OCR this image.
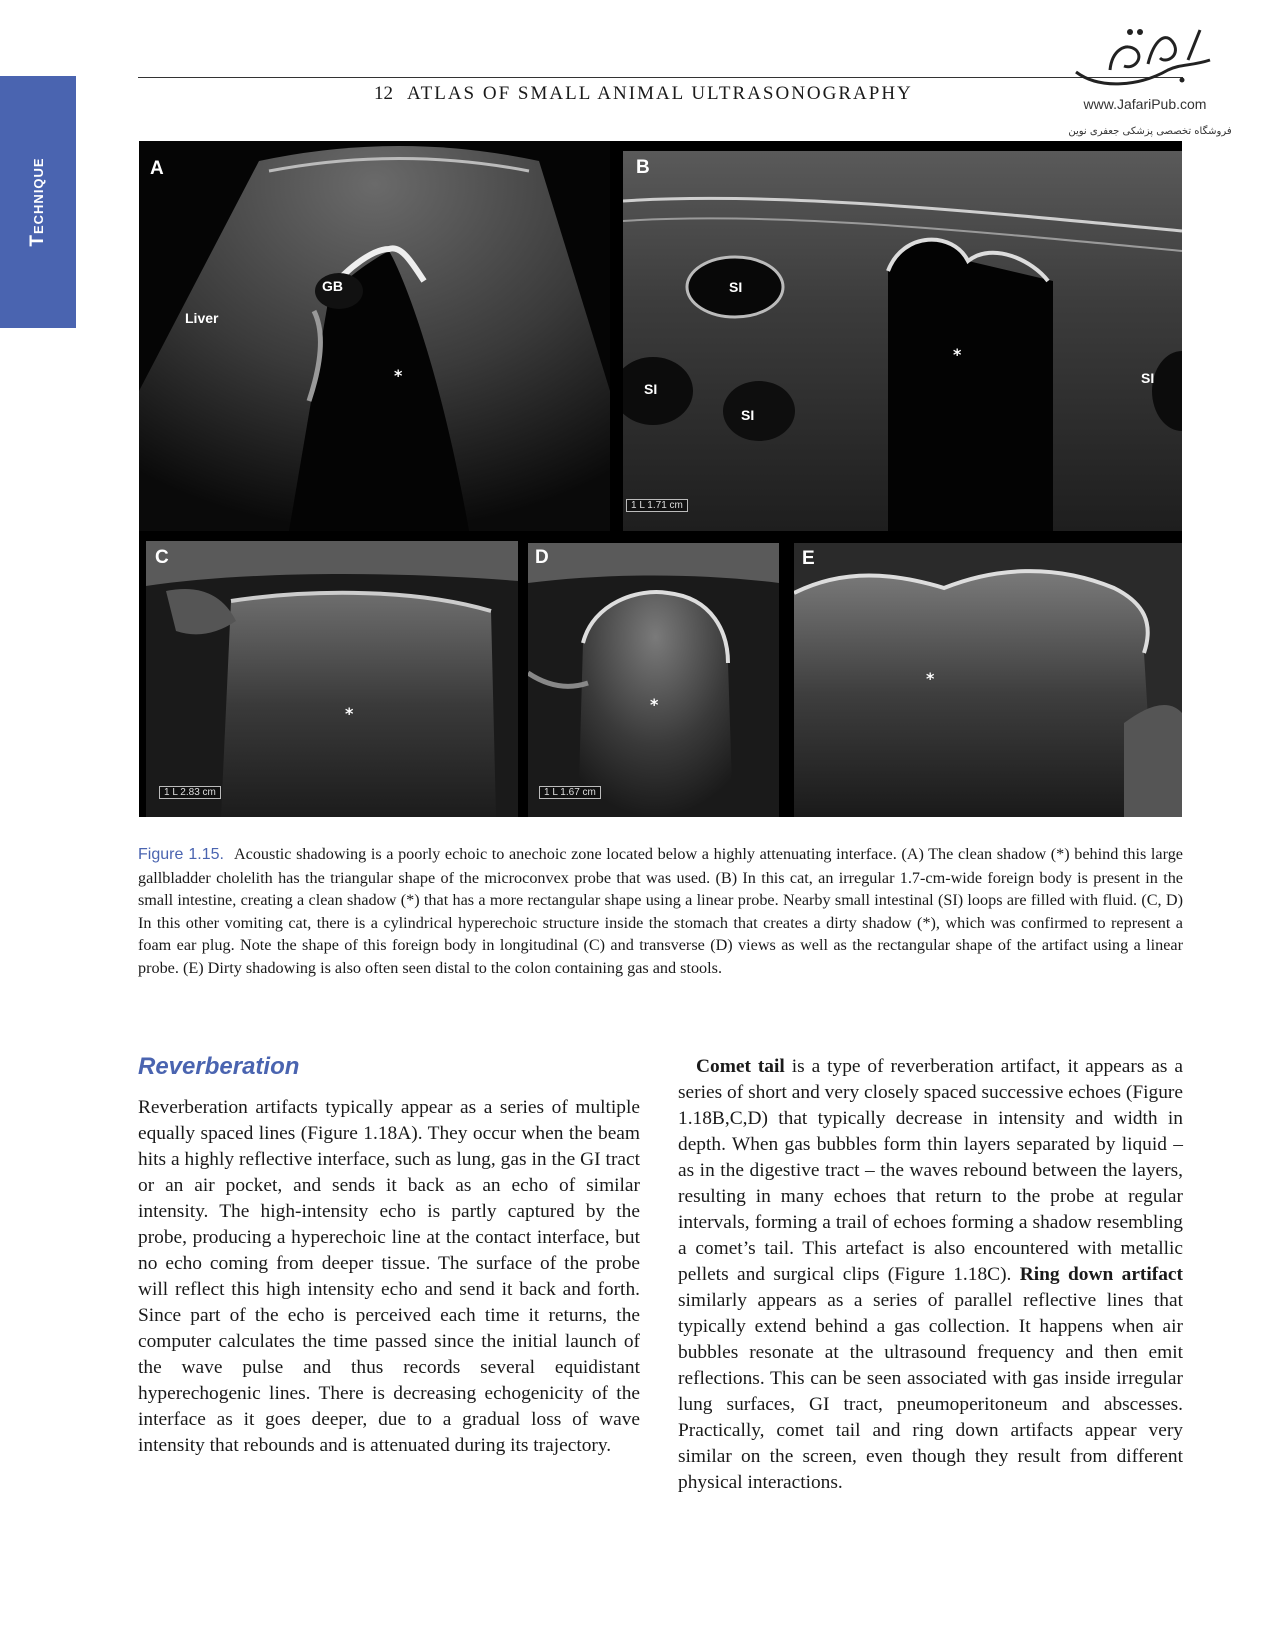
Technique
12 ATLAS OF SMALL ANIMAL ULTRASONOGRAPHY	www.JafariPub.com
فروشگاه تخصصی پزشکی جعفری نوین
A
GB
Liver
*
B
SI
SI
SI
SI
*
1 L 1.71 cm
C
*
1 L 2.83 cm
D
*
1 L 1.67 cm
E
*
Figure 1.15. Acoustic shadowing is a poorly echoic to anechoic zone located below a highly attenuating interface. (A) The clean shadow (*) behind this large gallbladder cholelith has the triangular shape of the microconvex probe that was used. (B) In this cat, an irregular 1.7-cm-wide foreign body is present in the small intestine, creating a clean shadow (*) that has a more rectangular shape using a linear probe. Nearby small intestinal (SI) loops are filled with fluid. (C, D) In this other vomiting cat, there is a cylindrical hyperechoic structure inside the stomach that creates a dirty shadow (*), which was confirmed to represent a foam ear plug. Note the shape of this foreign body in longitudinal (C) and transverse (D) views as well as the rectangular shape of the artifact using a linear probe. (E) Dirty shadowing is also often seen distal to the colon containing gas and stools.
Reverberation
Reverberation artifacts typically appear as a series of multiple equally spaced lines (Figure 1.18A). They occur when the beam hits a highly reflective interface, such as lung, gas in the GI tract or an air pocket, and sends it back as an echo of similar intensity. The high-intensity echo is partly captured by the probe, producing a hyperechoic line at the contact interface, but no echo coming from deeper tissue. The surface of the probe will reflect this high intensity echo and send it back and forth. Since part of the echo is perceived each time it returns, the computer calculates the time passed since the initial launch of the wave pulse and thus records several equidistant hyperechogenic lines. There is decreasing echogenicity of the interface as it goes deeper, due to a gradual loss of wave intensity that rebounds and is attenuated during its trajectory.
Comet tail is a type of reverberation artifact, it appears as a series of short and very closely spaced successive echoes (Figure 1.18B,C,D) that typically decrease in intensity and width in depth. When gas bubbles form thin layers separated by liquid – as in the digestive tract – the waves rebound between the layers, resulting in many echoes that return to the probe at regular intervals, forming a trail of echoes forming a shadow resembling a comet’s tail. This artefact is also encountered with metallic pellets and surgical clips (Figure 1.18C). Ring down artifact similarly appears as a series of parallel reflective lines that typically extend behind a gas collection. It happens when air bubbles resonate at the ultrasound frequency and then emit reflections. This can be seen associated with gas inside irregular lung surfaces, GI tract, pneumoperitoneum and abscesses. Practically, comet tail and ring down artifacts appear very similar on the screen, even though they result from different physical interactions.
